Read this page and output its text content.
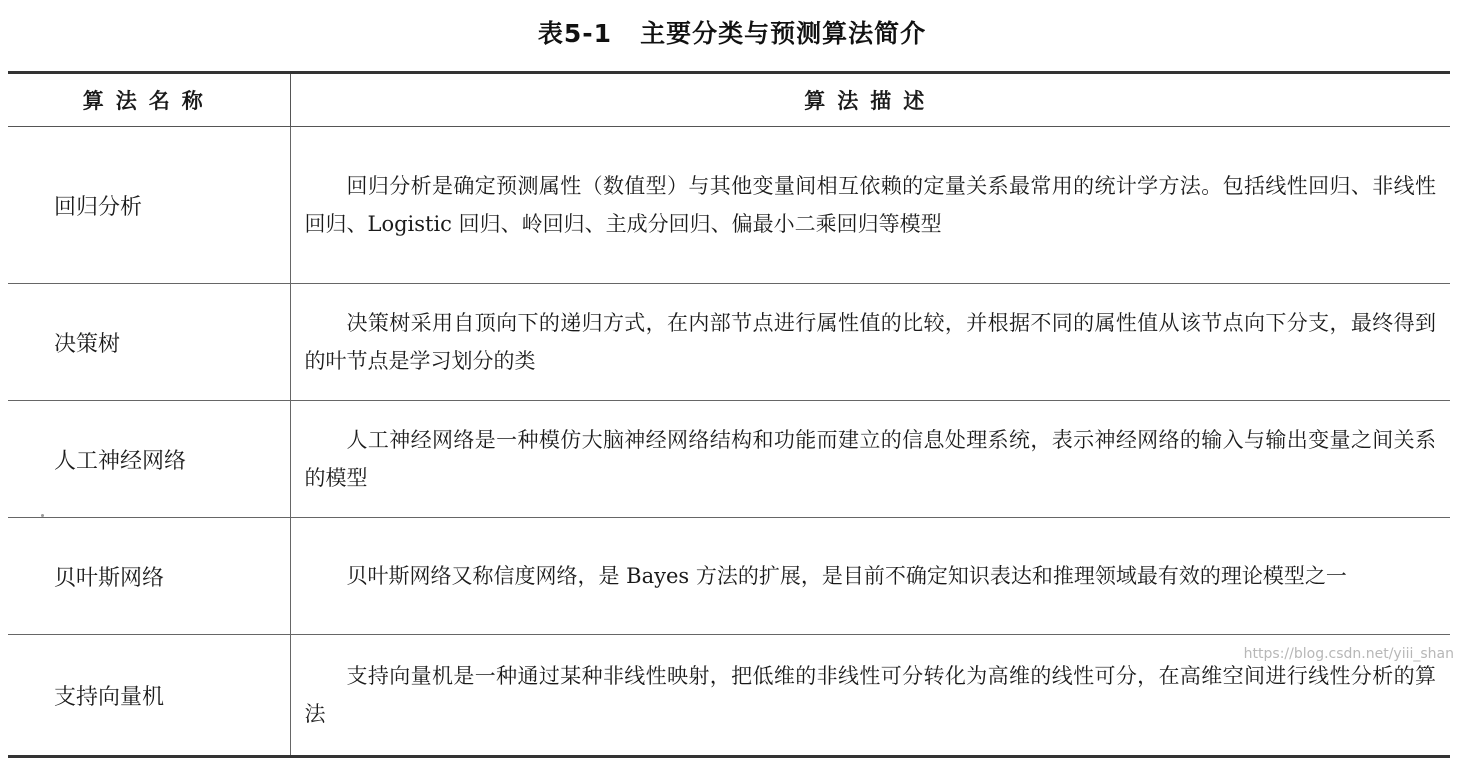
表5-1 主要分类与预测算法简介
算法名称	算法描述
回归分析	回归分析是确定预测属性（数值型）与其他变量间相互依赖的定量关系最常用的统计学方法。包括线性回归、非线性回归、Logistic 回归、岭回归、主成分回归、偏最小二乘回归等模型
决策树	决策树采用自顶向下的递归方式，在内部节点进行属性值的比较，并根据不同的属性值从该节点向下分支，最终得到的叶节点是学习划分的类
人工神经网络	人工神经网络是一种模仿大脑神经网络结构和功能而建立的信息处理系统，表示神经网络的输入与输出变量之间关系的模型
贝叶斯网络	贝叶斯网络又称信度网络，是 Bayes 方法的扩展，是目前不确定知识表达和推理领域最有效的理论模型之一
支持向量机	支持向量机是一种通过某种非线性映射，把低维的非线性可分转化为高维的线性可分，在高维空间进行线性分析的算法
https://blog.csdn.net/yiii_shan
